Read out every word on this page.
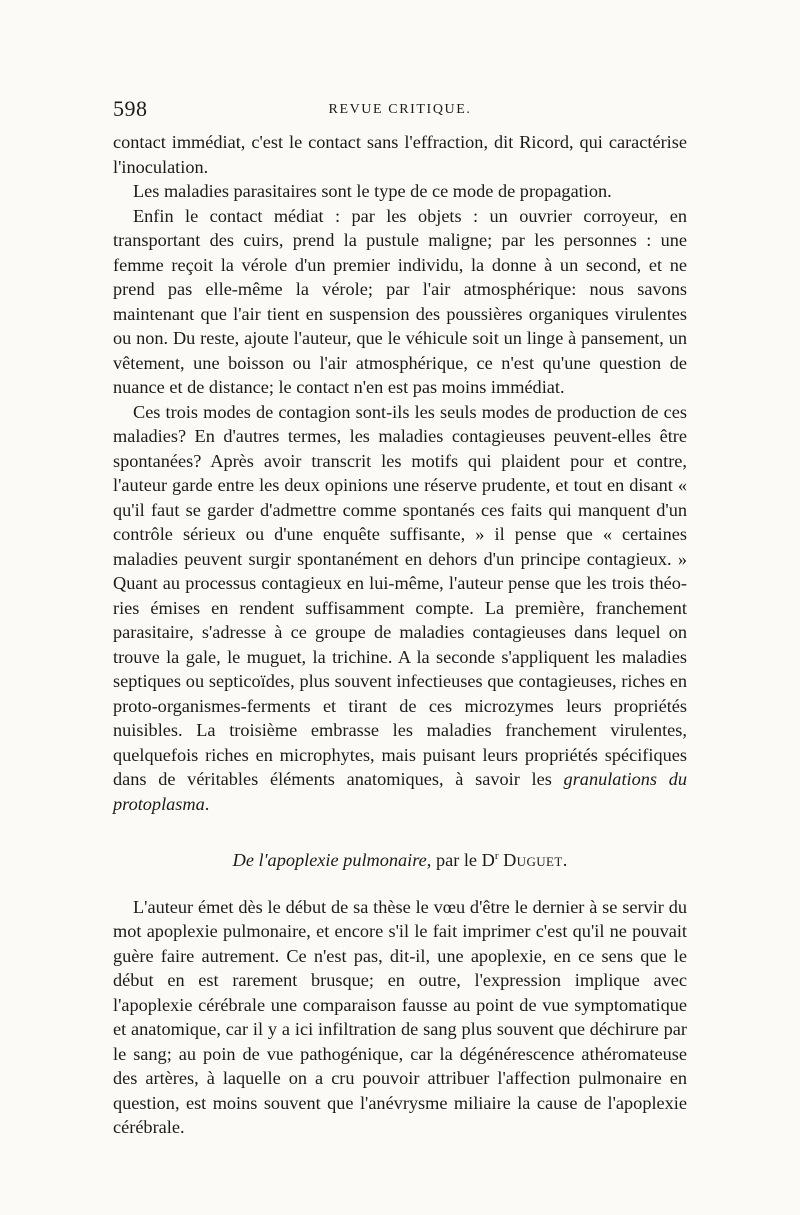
598	REVUE CRITIQUE.

contact immédiat, c'est le contact sans l'effraction, dit Ricord, qui caractérise l'inoculation.

Les maladies parasitaires sont le type de ce mode de propagation.

Enfin le contact médiat : par les objets : un ouvrier corroyeur, en transportant des cuirs, prend la pustule maligne; par les personnes : une femme reçoit la vérole d'un premier individu, la donne à un second, et ne prend pas elle-même la vérole; par l'air atmosphérique: nous savons maintenant que l'air tient en suspension des poussières organiques virulentes ou non. Du reste, ajoute l'auteur, que le véhicule soit un linge à pansement, un vêtement, une boisson ou l'air atmosphérique, ce n'est qu'une question de nuance et de distance; le contact n'en est pas moins immédiat.

Ces trois modes de contagion sont-ils les seuls modes de production de ces maladies? En d'autres termes, les maladies contagieuses peuvent-elles être spontanées? Après avoir transcrit les motifs qui plaident pour et contre, l'auteur garde entre les deux opinions une réserve prudente, et tout en disant « qu'il faut se garder d'admettre comme spontanés ces faits qui manquent d'un contrôle sérieux ou d'une enquête suffisante, » il pense que « certaines maladies peuvent surgir spontanément en dehors d'un principe contagieux. » Quant au processus contagieux en lui-même, l'auteur pense que les trois théories émises en rendent suffisamment compte. La première, franchement parasitaire, s'adresse à ce groupe de maladies contagieuses dans lequel on trouve la gale, le muguet, la trichine. A la seconde s'appliquent les maladies septiques ou septicoïdes, plus souvent infectieuses que contagieuses, riches en proto-organismes-ferments et tirant de ces microzymes leurs propriétés nuisibles. La troisième embrasse les maladies franchement virulentes, quelquefois riches en microphytes, mais puisant leurs propriétés spécifiques dans de véritables éléments anatomiques, à savoir les granulations du protoplasma.

De l'apoplexie pulmonaire, par le $D^r$ Duguet.

L'auteur émet dès le début de sa thèse le vœu d'être le dernier à se servir du mot apoplexie pulmonaire, et encore s'il le fait imprimer c'est qu'il ne pouvait guère faire autrement. Ce n'est pas, dit-il, une apoplexie, en ce sens que le début en est rarement brusque; en outre, l'expression implique avec l'apoplexie cérébrale une comparaison fausse au point de vue symptomatique et anatomique, car il y a ici infiltration de sang plus souvent que déchirure par le sang; au poin de vue pathogénique, car la dégénérescence athéromateuse des artères, à laquelle on a cru pouvoir attribuer l'affection pulmonaire en question, est moins souvent que l'anévrysme miliaire la cause de l'apoplexie cérébrale.
